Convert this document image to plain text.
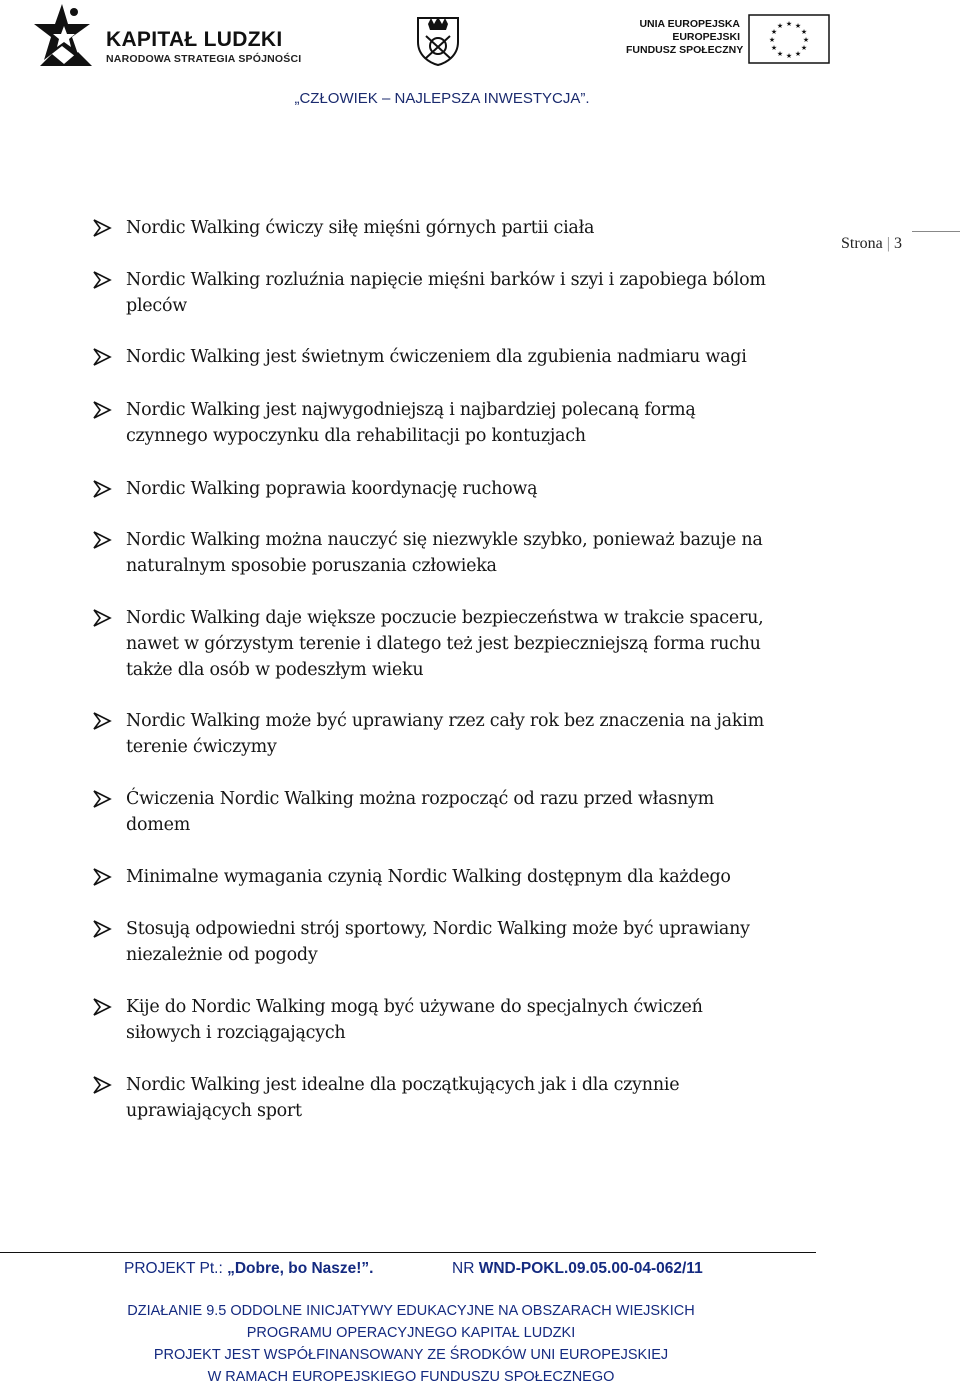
KAPITAŁ LUDZKI
NARODOWA STRATEGIA SPÓJNOŚCI
UNIA EUROPEJSKA
EUROPEJSKI
FUNDUSZ SPOŁECZNY
★ ★
★
★
★
★
★
★
★
★
★
★
„CZŁOWIEK – NAJLEPSZA INWESTYCJA”.
Strona | 3
Nordic Walking ćwiczy siłę mięśni górnych partii ciała
Nordic Walking rozluźnia napięcie mięśni barków i szyi i zapobiega bólom
pleców
Nordic Walking jest świetnym ćwiczeniem dla zgubienia nadmiaru wagi
Nordic Walking jest najwygodniejszą i najbardziej polecaną formą
czynnego wypoczynku dla rehabilitacji po kontuzjach
Nordic Walking poprawia koordynację ruchową
Nordic Walking można nauczyć się niezwykle szybko, ponieważ bazuje na
naturalnym sposobie poruszania człowieka
Nordic Walking daje większe poczucie bezpieczeństwa w trakcie spaceru,
nawet w górzystym terenie i dlatego też jest bezpieczniejszą forma ruchu
także dla osób w podeszłym wieku
Nordic Walking może być uprawiany rzez cały rok bez znaczenia na jakim
terenie ćwiczymy
Ćwiczenia Nordic Walking można rozpocząć od razu przed własnym
domem
Minimalne wymagania czynią Nordic Walking dostępnym dla każdego
Stosują odpowiedni strój sportowy, Nordic Walking może być uprawiany
niezależnie od pogody
Kije do Nordic Walking mogą być używane do specjalnych ćwiczeń
siłowych i rozciągających
Nordic Walking jest idealne dla początkujących jak i dla czynnie
uprawiających sport
PROJEKT Pt.: „Dobre, bo Nasze!”.	NR WND-POKL.09.05.00-04-062/11
DZIAŁANIE 9.5 ODDOLNE INICJATYWY EDUKACYJNE NA OBSZARACH WIEJSKICH
PROGRAMU OPERACYJNEGO KAPITAŁ LUDZKI
PROJEKT JEST WSPÓŁFINANSOWANY ZE ŚRODKÓW UNI EUROPEJSKIEJ
W RAMACH EUROPEJSKIEGO FUNDUSZU SPOŁECZNEGO
